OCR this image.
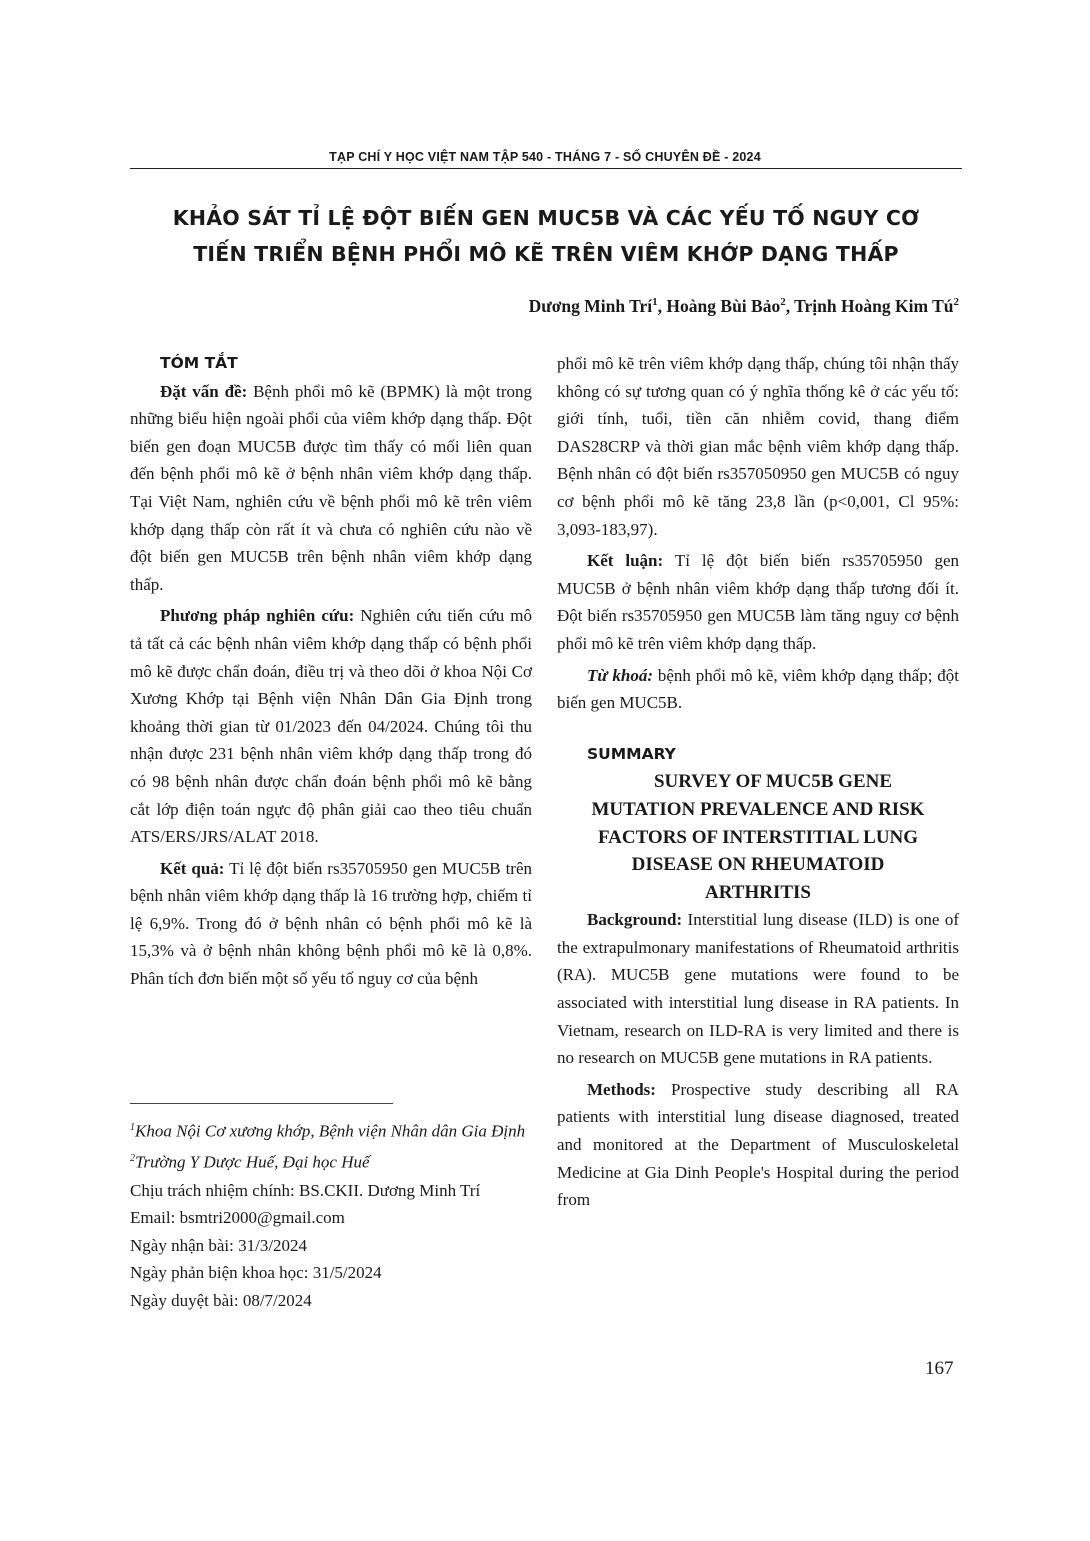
TẠP CHÍ Y HỌC VIỆT NAM TẬP 540 - THÁNG 7 - SỐ CHUYÊN ĐỀ - 2024
KHẢO SÁT TỈ LỆ ĐỘT BIẾN GEN MUC5B VÀ CÁC YẾU TỐ NGUY CƠ
TIẾN TRIỂN BỆNH PHỔI MÔ KẼ TRÊN VIÊM KHỚP DẠNG THẤP
Dương Minh Trí$^1$, Hoàng Bùi Bảo$^2$, Trịnh Hoàng Kim $Tú^2$

TÓM TẮT

Đặt vấn đề: Bệnh phổi mô kẽ (BPMK) là một trong những biểu hiện ngoài phổi của viêm khớp dạng thấp. Đột biến gen đoạn MUC5B được tìm thấy có mối liên quan đến bệnh phổi mô kẽ ở bệnh nhân viêm khớp dạng thấp. Tại Việt Nam, nghiên cứu về bệnh phổi mô kẽ trên viêm khớp dạng thấp còn rất ít và chưa có nghiên cứu nào về đột biến gen MUC5B trên bệnh nhân viêm khớp dạng thấp.

Phương pháp nghiên cứu: Nghiên cứu tiến cứu mô tả tất cả các bệnh nhân viêm khớp dạng thấp có bệnh phổi mô kẽ được chẩn đoán, điều trị và theo dõi ở khoa Nội Cơ Xương Khớp tại Bệnh viện Nhân Dân Gia Định trong khoảng thời gian từ 01/2023 đến 04/2024. Chúng tôi thu nhận được 231 bệnh nhân viêm khớp dạng thấp trong đó có 98 bệnh nhân được chẩn đoán bệnh phổi mô kẽ bằng cắt lớp điện toán ngực độ phân giải cao theo tiêu chuẩn ATS/ERS/JRS/ALAT 2018.

Kết quả: Tỉ lệ đột biến rs35705950 gen MUC5B trên bệnh nhân viêm khớp dạng thấp là 16 trường hợp, chiếm tỉ lệ 6,9%. Trong đó ở bệnh nhân có bệnh phổi mô kẽ là 15,3% và ở bệnh nhân không bệnh phổi mô kẽ là 0,8%. Phân tích đơn biến một số yếu tố nguy cơ của bệnh

$^1$Khoa Nội Cơ xương khớp, Bệnh viện Nhân dân Gia Định
$^2$Trường Y Dược Huế, Đại học Huế
Chịu trách nhiệm chính: BS.CKII. Dương Minh Trí
Email: bsmtri2000@gmail.com
Ngày nhận bài: 31/3/2024
Ngày phản biện khoa học: 31/5/2024
Ngày duyệt bài: 08/7/2024

phổi mô kẽ trên viêm khớp dạng thấp, chúng tôi nhận thấy không có sự tương quan có ý nghĩa thống kê ở các yếu tố: giới tính, tuổi, tiền căn nhiễm covid, thang điểm DAS28CRP và thời gian mắc bệnh viêm khớp dạng thấp. Bệnh nhân có đột biến rs357050950 gen MUC5B có nguy cơ bệnh phổi mô kẽ tăng 23,8 lần (p<0,001, Cl 95%: 3,093-183,97).

Kết luận: Tỉ lệ đột biến biến rs35705950 gen MUC5B ở bệnh nhân viêm khớp dạng thấp tương đối ít. Đột biến rs35705950 gen MUC5B làm tăng nguy cơ bệnh phổi mô kẽ trên viêm khớp dạng thấp.

Từ khoá: bệnh phổi mô kẽ, viêm khớp dạng thấp; đột biến gen MUC5B.

SUMMARY

SURVEY OF MUC5B GENE
MUTATION PREVALENCE AND RISK
FACTORS OF INTERSTITIAL LUNG
DISEASE ON RHEUMATOID
ARTHRITIS

Background: Interstitial lung disease (ILD) is one of the extrapulmonary manifestations of Rheumatoid arthritis (RA). MUC5B gene mutations were found to be associated with interstitial lung disease in RA patients. In Vietnam, research on ILD-RA is very limited and there is no research on MUC5B gene mutations in RA patients.

Methods: Prospective study describing all RA patients with interstitial lung disease diagnosed, treated and monitored at the Department of Musculoskeletal Medicine at Gia Dinh People's Hospital during the period from

167
